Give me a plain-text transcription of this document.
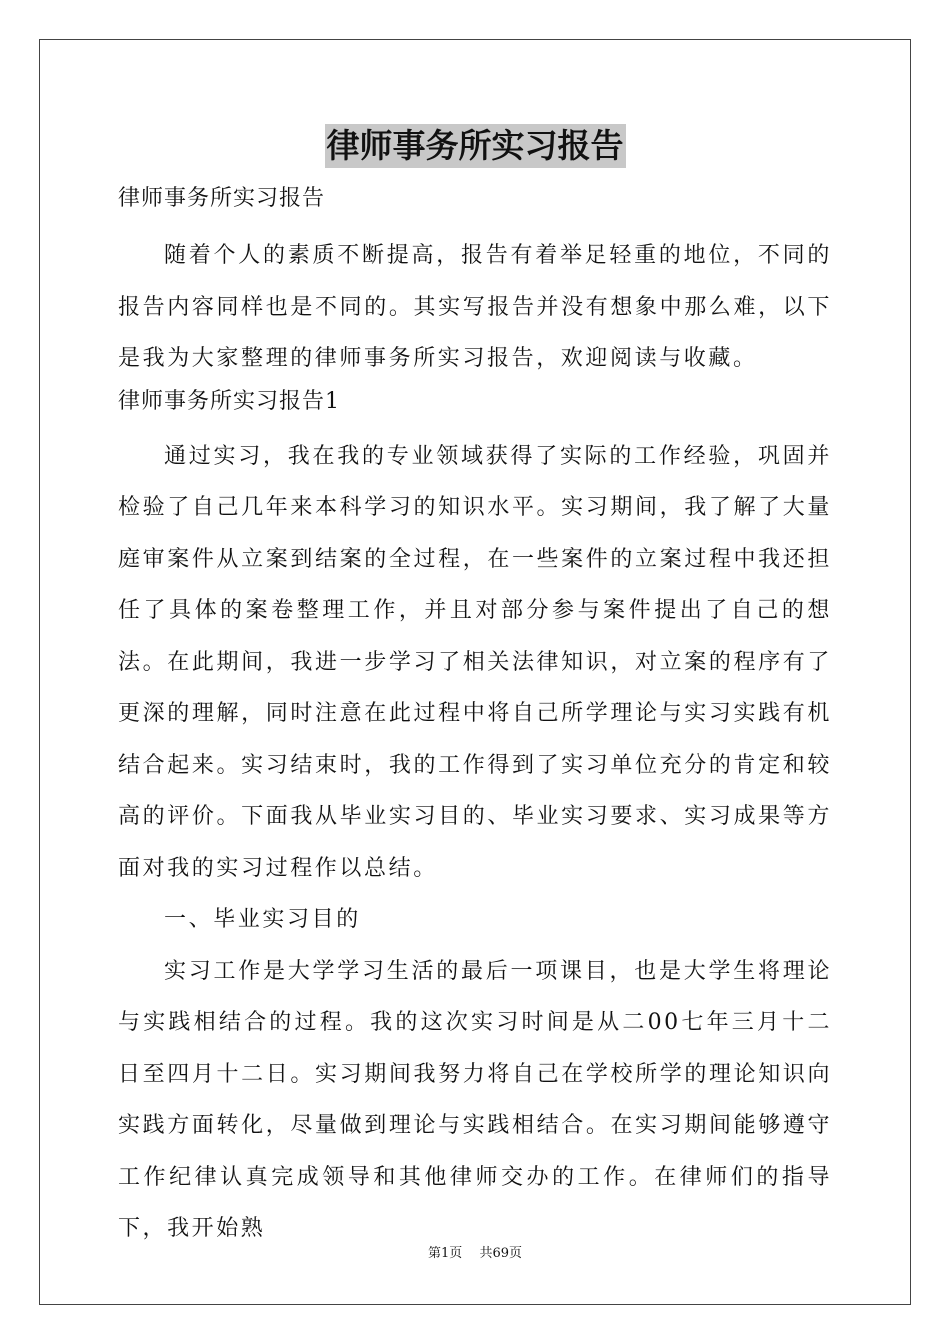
律师事务所实习报告
律师事务所实习报告

随着个人的素质不断提高，报告有着举足轻重的地位，不同的报告内容同样也是不同的。其实写报告并没有想象中那么难，以下是我为大家整理的律师事务所实习报告，欢迎阅读与收藏。

律师事务所实习报告1

通过实习，我在我的专业领域获得了实际的工作经验，巩固并检验了自己几年来本科学习的知识水平。实习期间，我了解了大量庭审案件从立案到结案的全过程，在一些案件的立案过程中我还担任了具体的案卷整理工作，并且对部分参与案件提出了自己的想法。在此期间，我进一步学习了相关法律知识，对立案的程序有了更深的理解，同时注意在此过程中将自己所学理论与实习实践有机结合起来。实习结束时，我的工作得到了实习单位充分的肯定和较高的评价。下面我从毕业实习目的、毕业实习要求、实习成果等方面对我的实习过程作以总结。

一、毕业实习目的

实习工作是大学学习生活的最后一项课目，也是大学生将理论与实践相结合的过程。我的这次实习时间是从二00七年三月十二日至四月十二日。实习期间我努力将自己在学校所学的理论知识向实践方面转化，尽量做到理论与实践相结合。在实习期间能够遵守工作纪律认真完成领导和其他律师交办的工作。在律师们的指导下，我开始熟

第1页 共69页
